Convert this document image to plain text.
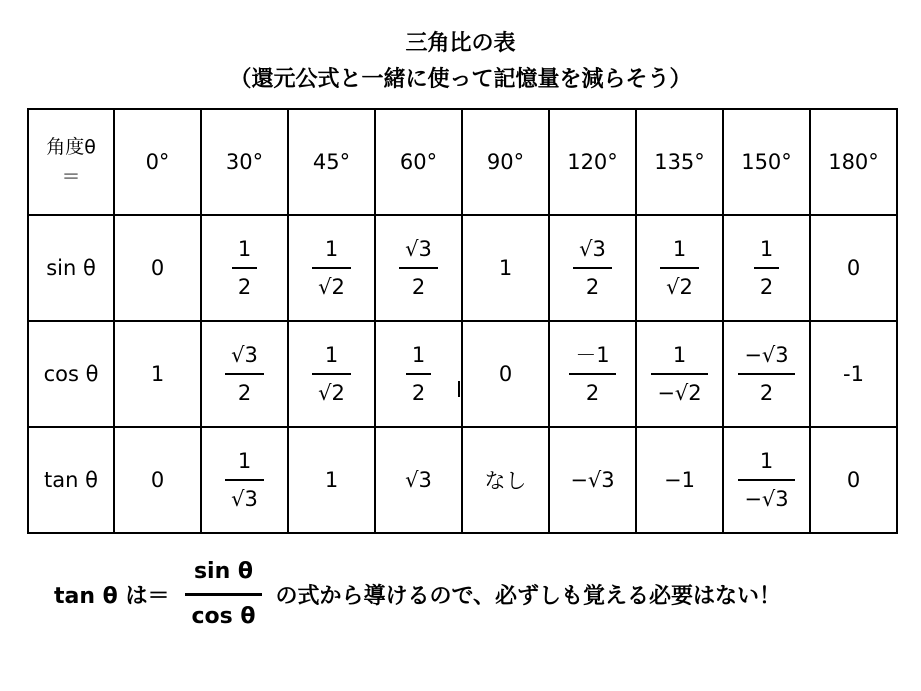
三角比の表
（還元公式と一緒に使って記憶量を減らそう）
角度θ
＝	0°	30°	45°	60°	90°	120°	135°	150°	180°
sin θ	0	$\frac{1}{2}$	$\frac{1}{√2}$	$\frac{√3}{2}$	1	$\frac{√3}{2}$	$\frac{1}{√2}$	$\frac{1}{2}$	0
cos θ	1	$\frac{√3}{2}$	$\frac{1}{√2}$	$\frac{1}{2}$	0	$\frac{-1}{2}$	$\frac{1}{-√2}$	$\frac{-√3}{2}$	-1
tan θ	0	$\frac{1}{√3}$	1	√3	なし	−√3	−1	$\frac{1}{-√3}$	0
tan θ は＝ $\frac{\text{sin θ}}{\text{cos θ}}$ の式から導けるので、必ずしも覚える必要はない！
